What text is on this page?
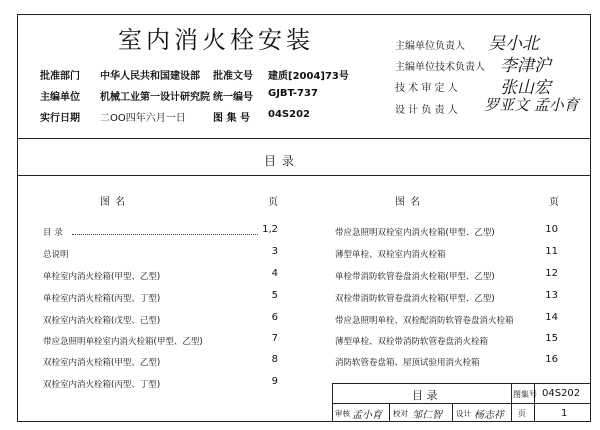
室内消火栓安装
批准部门 中华人民共和国建设部 批准文号 建质[2004]73号
主编单位 机械工业第一设计研究院 统一编号 GJBT-737
实行日期 二OO四年六月一日	图 集 号 04S202
主编单位负责人 吴小北
主编单位技术负责人 李津沪
技 术 审 定 人 张山宏
设 计 负 责 人 罗亚文 孟小育
目 录
图 名	页	图 名	页
目 录	1,2
总说明	3
单栓室内消火栓箱(甲型、乙型)	4
单栓室内消火栓箱(丙型、丁型)	5
双栓室内消火栓箱(戊型、己型)	6
带应急照明单栓室内消火栓箱(甲型、乙型)	7
双栓室内消火栓箱(甲型、乙型)	8
双栓室内消火栓箱(丙型、丁型)	9
带应急照明双栓室内消火栓箱(甲型、乙型)	10
薄型单栓、双栓室内消火栓箱	11
单栓带消防软管卷盘消火栓箱(甲型、乙型)	12
双栓带消防软管卷盘消火栓箱(甲型、乙型)	13
带应急照明单栓、双栓配消防软管卷盘消火栓箱	14
薄型单栓、双栓带消防软管卷盘消火栓箱	15
消防软管卷盘箱、屋顶试验用消火栓箱	16
目 录	图集号 04S202
审核 孟小育 校对 邹仁智 设计 杨志祥 页	1
